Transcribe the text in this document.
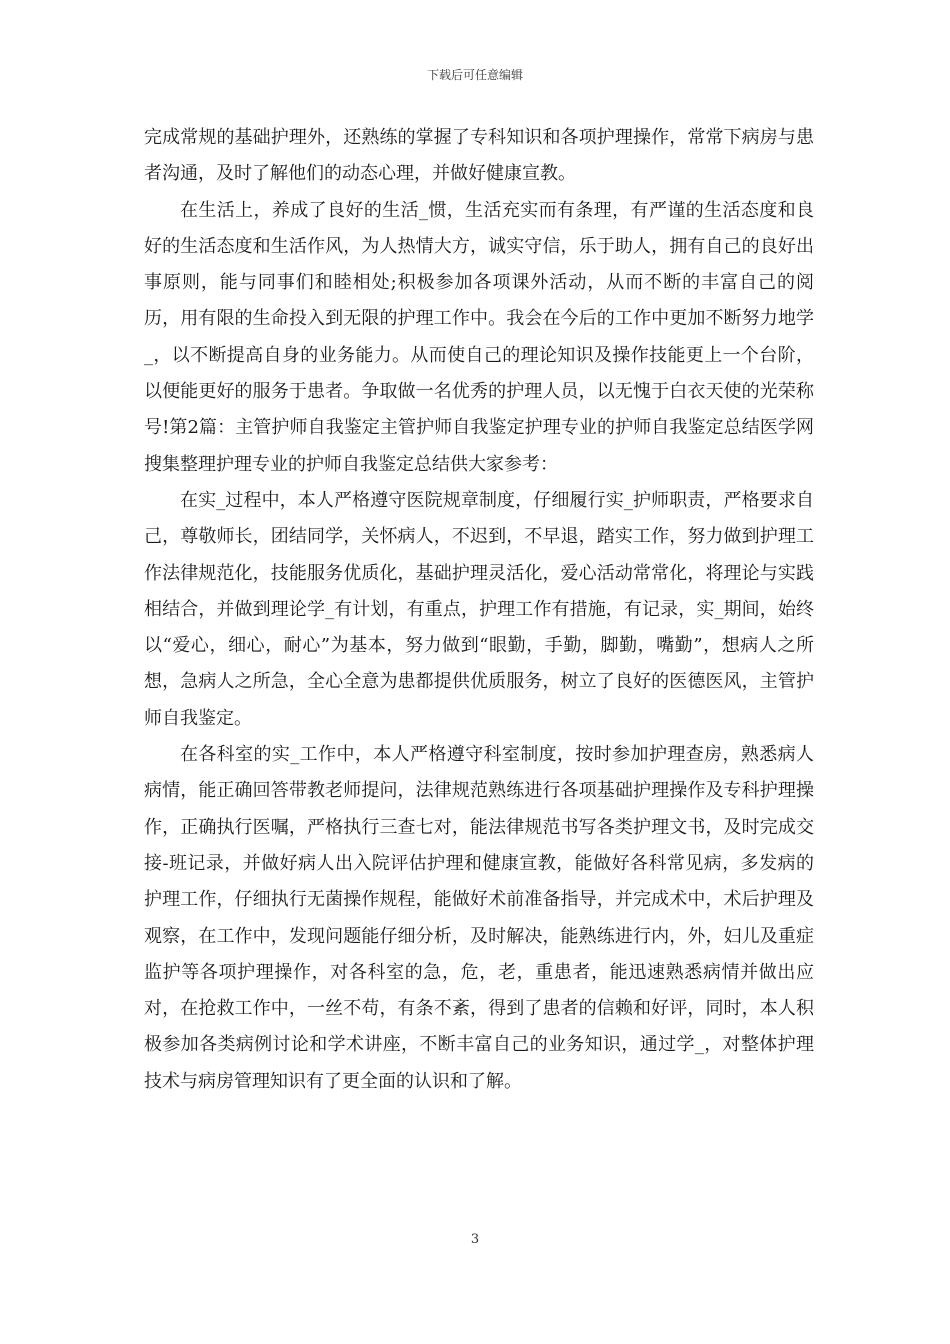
下载后可任意编辑

完成常规的基础护理外，还熟练的掌握了专科知识和各项护理操作，常常下病房与患者沟通，及时了解他们的动态心理，并做好健康宣教。

在生活上，养成了良好的生活_惯，生活充实而有条理，有严谨的生活态度和良好的生活态度和生活作风，为人热情大方，诚实守信，乐于助人，拥有自己的良好出事原则，能与同事们和睦相处;积极参加各项课外活动，从而不断的丰富自己的阅历，用有限的生命投入到无限的护理工作中。我会在今后的工作中更加不断努力地学_，以不断提高自身的业务能力。从而使自己的理论知识及操作技能更上一个台阶，以便能更好的服务于患者。争取做一名优秀的护理人员，以无愧于白衣天使的光荣称号!第2篇：主管护师自我鉴定主管护师自我鉴定护理专业的护师自我鉴定总结医学网搜集整理护理专业的护师自我鉴定总结供大家参考：

在实_过程中，本人严格遵守医院规章制度，仔细履行实_护师职责，严格要求自己，尊敬师长，团结同学，关怀病人，不迟到，不早退，踏实工作，努力做到护理工作法律规范化，技能服务优质化，基础护理灵活化，爱心活动常常化，将理论与实践相结合，并做到理论学_有计划，有重点，护理工作有措施，有记录，实_期间，始终以“爱心，细心，耐心”为基本，努力做到“眼勤，手勤，脚勤，嘴勤”，想病人之所想，急病人之所急，全心全意为患都提供优质服务，树立了良好的医德医风，主管护师自我鉴定。

在各科室的实_工作中，本人严格遵守科室制度，按时参加护理查房，熟悉病人病情，能正确回答带教老师提问，法律规范熟练进行各项基础护理操作及专科护理操作，正确执行医嘱，严格执行三查七对，能法律规范书写各类护理文书，及时完成交接-班记录，并做好病人出入院评估护理和健康宣教，能做好各科常见病，多发病的护理工作，仔细执行无菌操作规程，能做好术前准备指导，并完成术中，术后护理及观察，在工作中，发现问题能仔细分析，及时解决，能熟练进行内，外，妇儿及重症监护等各项护理操作，对各科室的急，危，老，重患者，能迅速熟悉病情并做出应对，在抢救工作中，一丝不苟，有条不紊，得到了患者的信赖和好评，同时，本人积极参加各类病例讨论和学术讲座，不断丰富自己的业务知识，通过学_，对整体护理技术与病房管理知识有了更全面的认识和了解。

3
